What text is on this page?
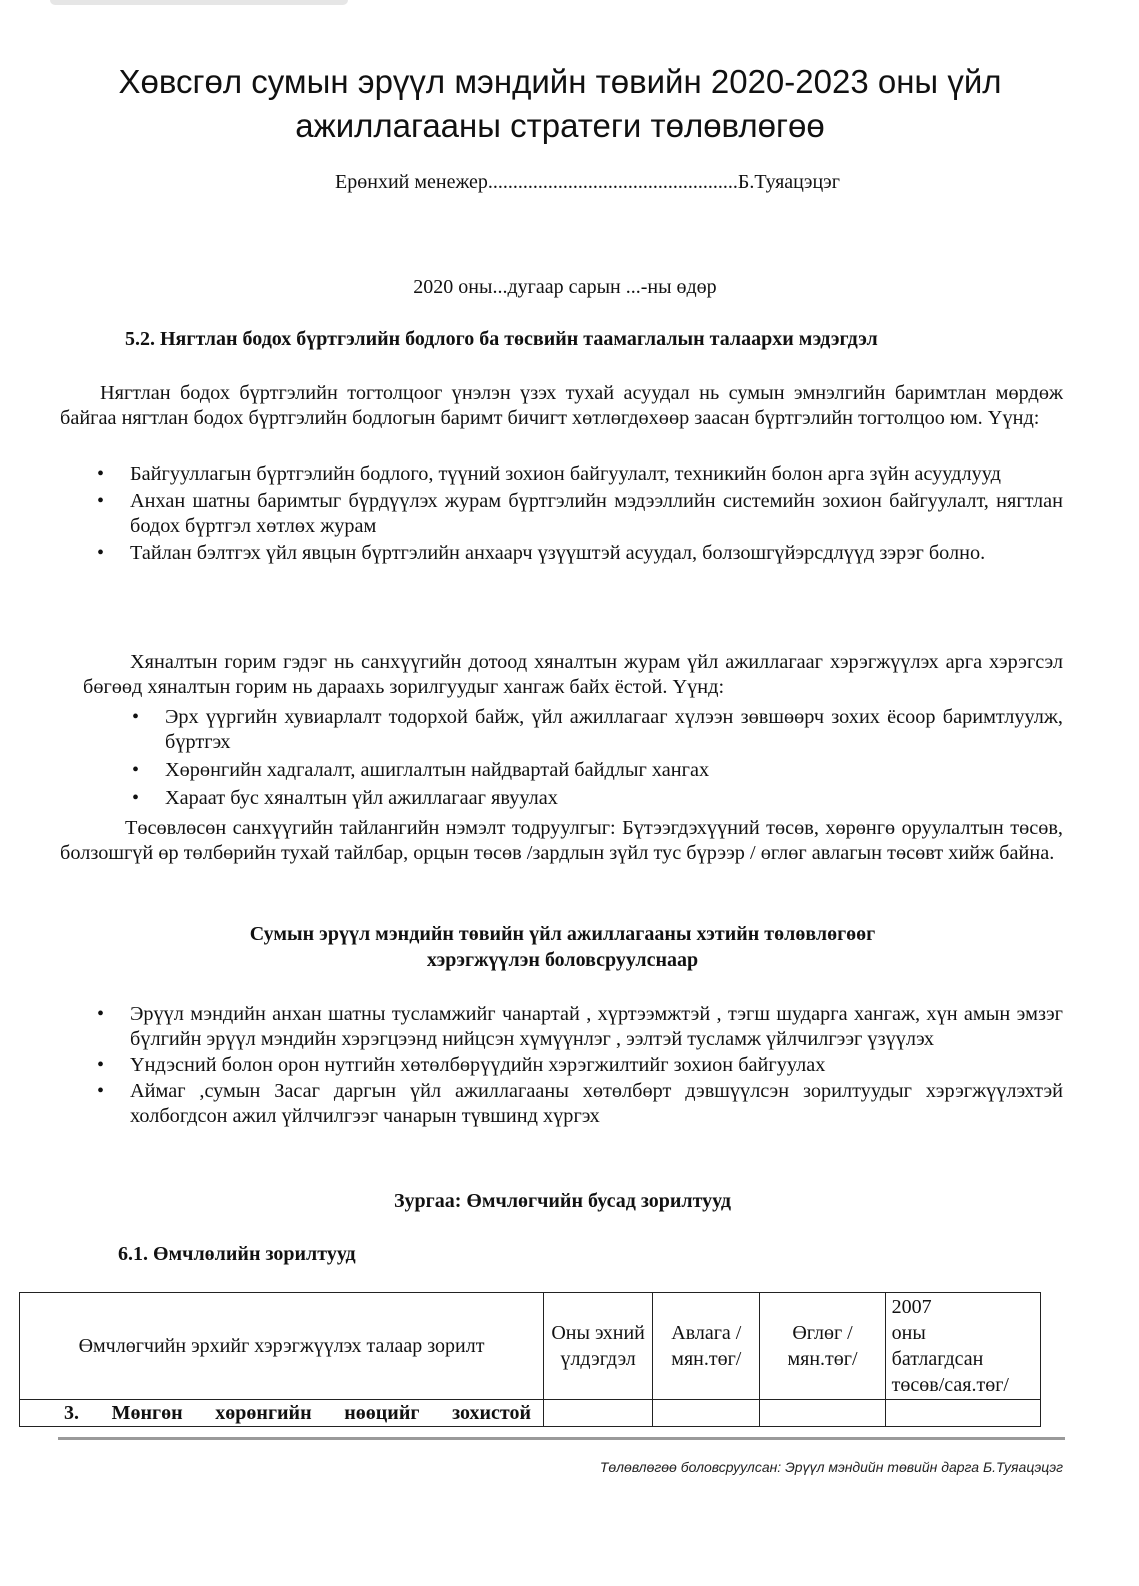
Хөвсгөл сумын эрүүл мэндийн төвийн 2020-2023 оны үйл
ажиллагааны стратеги төлөвлөгөө
Ерөнхий менежер..................................................Б.Туяацэцэг
2020 оны...дугаар сарын ...-ны өдөр
5.2. Нягтлан бодох бүртгэлийн бодлого ба төсвийн таамаглалын талаархи мэдэгдэл
Нягтлан бодох бүртгэлийн тогтолцоог үнэлэн үзэх тухай асуудал нь сумын эмнэлгийн баримтлан мөрдөж байгаа нягтлан бодох бүртгэлийн бодлогын баримт бичигт хөтлөгдөхөөр заасан бүртгэлийн тогтолцоо юм. Үүнд:
• Байгууллагын бүртгэлийн бодлого, түүний зохион байгуулалт, техникийн болон арга зүйн асуудлууд
• Анхан шатны баримтыг бүрдүүлэх журам бүртгэлийн мэдээллийн системийн зохион байгуулалт, нягтлан бодох бүртгэл хөтлөх журам
• Тайлан бэлтгэх үйл явцын бүртгэлийн анхаарч үзүүштэй асуудал, болзошгүйэрсдлүүд зэрэг болно.
Хяналтын горим гэдэг нь санхүүгийн дотоод хяналтын журам үйл ажиллагааг хэрэгжүүлэх арга хэрэгсэл бөгөөд хяналтын горим нь дараахь зорилгуудыг хангаж байх ёстой. Үүнд:
• Эрх үүргийн хувиарлалт тодорхой байж, үйл ажиллагааг хүлээн зөвшөөрч зохих ёсоор баримтлуулж, бүртгэх
• Хөрөнгийн хадгалалт, ашиглалтын найдвартай байдлыг хангах
• Хараат бус хяналтын үйл ажиллагааг явуулах
Төсөвлөсөн санхүүгийн тайлангийн нэмэлт тодруулгыг: Бүтээгдэхүүний төсөв, хөрөнгө оруулалтын төсөв, болзошгүй өр төлбөрийн тухай тайлбар, орцын төсөв /зардлын зүйл тус бүрээр / өглөг авлагын төсөвт хийж байна.
Сумын эрүүл мэндийн төвийн үйл ажиллагааны хэтийн төлөвлөгөөг
хэрэгжүүлэн боловсруулснаар
• Эрүүл мэндийн анхан шатны тусламжийг чанартай , хүртээмжтэй , тэгш шударга хангаж, хүн амын эмзэг бүлгийн эрүүл мэндийн хэрэгцээнд нийцсэн хүмүүнлэг , ээлтэй тусламж үйлчилгээг үзүүлэх
• Үндэсний болон орон нутгийн хөтөлбөрүүдийн хэрэгжилтийг зохион байгуулах
• Аймаг ,сумын Засаг даргын үйл ажиллагааны хөтөлбөрт дэвшүүлсэн зорилтуудыг хэрэгжүүлэхтэй холбогдсон ажил үйлчилгээг чанарын түвшинд хүргэх
Зургаа: Өмчлөгчийн бусад зорилтууд
6.1. Өмчлөлийн зорилтууд
Өмчлөгчийн эрхийг хэрэгжүүлэх талаар зорилт	Оны эхний үлдэгдэл	Авлага /мян.төг/	Өглөг /мян.төг/	2007
оны
батлагдсан төсөв/сая.төг/

3. Мөнгөн хөрөнгийн нөөцийг зохистой				

Төлөвлөгөө боловсруулсан: Эрүүл мэндийн төвийн дарга Б.Туяацэцэг
